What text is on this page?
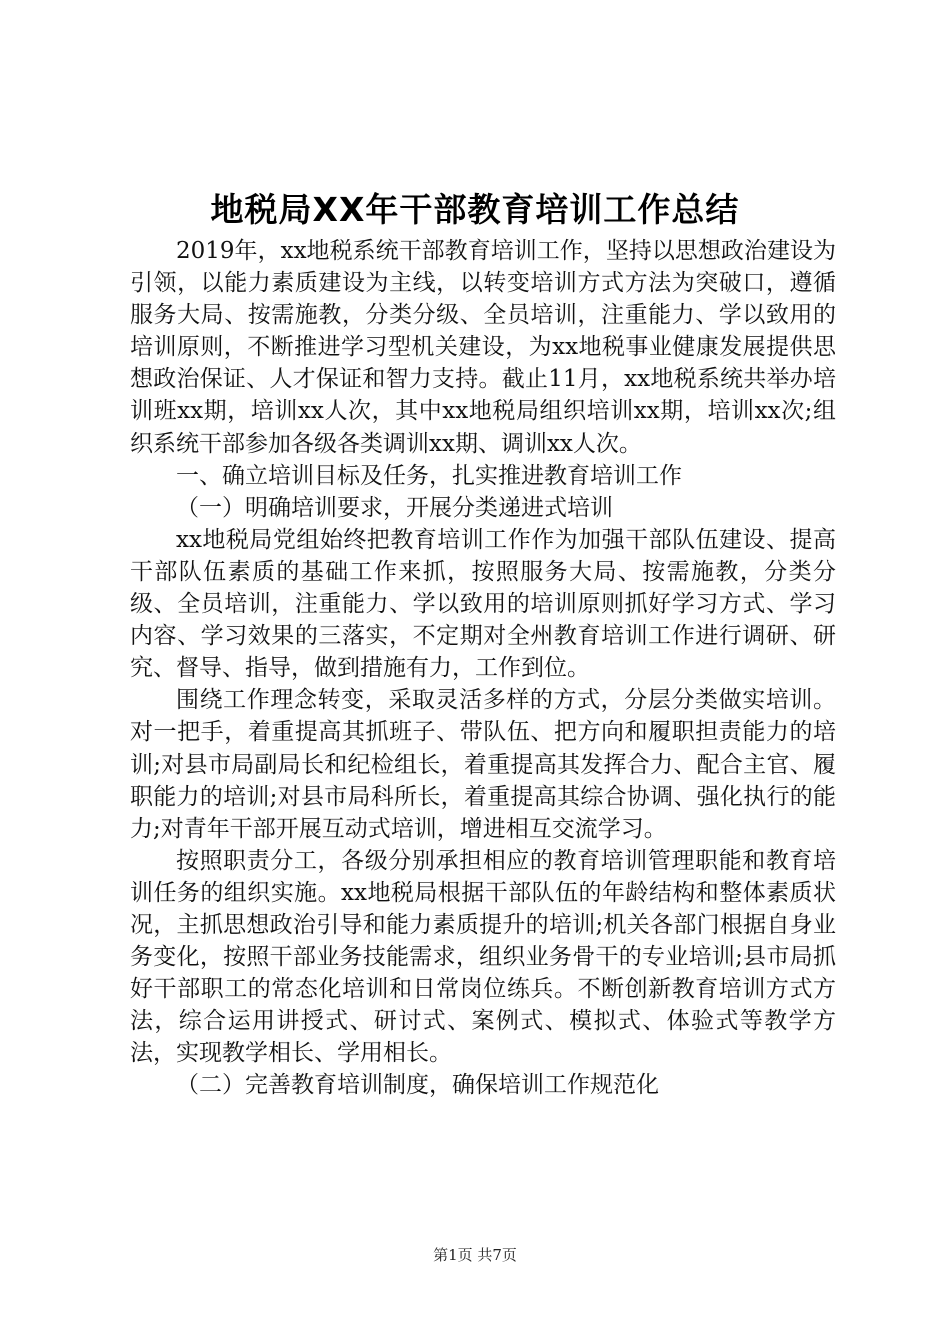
地税局XX年干部教育培训工作总结

2019年，xx地税系统干部教育培训工作，坚持以思想政治建设为引领，以能力素质建设为主线，以转变培训方式方法为突破口，遵循服务大局、按需施教，分类分级、全员培训，注重能力、学以致用的培训原则，不断推进学习型机关建设，为xx地税事业健康发展提供思想政治保证、人才保证和智力支持。截止11月，xx地税系统共举办培训班xx期，培训xx人次，其中xx地税局组织培训xx期，培训xx次;组织系统干部参加各级各类调训xx期、调训xx人次。

一、确立培训目标及任务，扎实推进教育培训工作

（一）明确培训要求，开展分类递进式培训

xx地税局党组始终把教育培训工作作为加强干部队伍建设、提高干部队伍素质的基础工作来抓，按照服务大局、按需施教，分类分级、全员培训，注重能力、学以致用的培训原则抓好学习方式、学习内容、学习效果的三落实，不定期对全州教育培训工作进行调研、研究、督导、指导，做到措施有力，工作到位。

围绕工作理念转变，采取灵活多样的方式，分层分类做实培训。对一把手，着重提高其抓班子、带队伍、把方向和履职担责能力的培训;对县市局副局长和纪检组长，着重提高其发挥合力、配合主官、履职能力的培训;对县市局科所长，着重提高其综合协调、强化执行的能力;对青年干部开展互动式培训，增进相互交流学习。

按照职责分工，各级分别承担相应的教育培训管理职能和教育培训任务的组织实施。xx地税局根据干部队伍的年龄结构和整体素质状况，主抓思想政治引导和能力素质提升的培训;机关各部门根据自身业务变化，按照干部业务技能需求，组织业务骨干的专业培训;县市局抓好干部职工的常态化培训和日常岗位练兵。不断创新教育培训方式方法，综合运用讲授式、研讨式、案例式、模拟式、体验式等教学方法，实现教学相长、学用相长。

（二）完善教育培训制度，确保培训工作规范化

第1页 共7页
